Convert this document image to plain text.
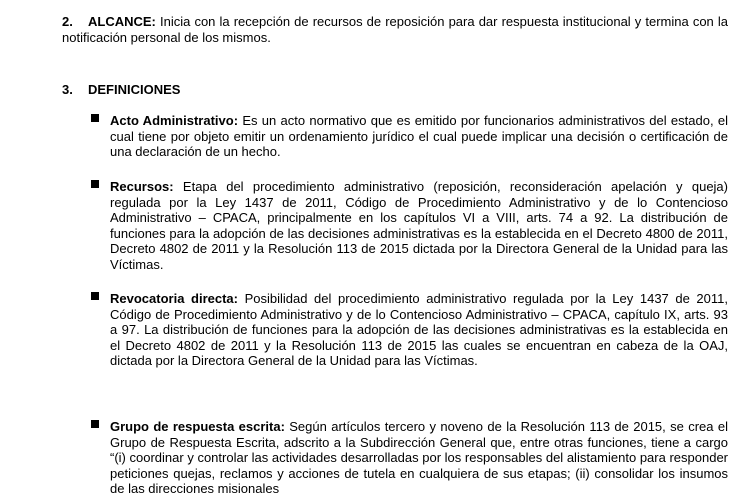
2. ALCANCE: Inicia con la recepción de recursos de reposición para dar respuesta institucional y termina con la notificación personal de los mismos.
3. DEFINICIONES
Acto Administrativo: Es un acto normativo que es emitido por funcionarios administrativos del estado, el cual tiene por objeto emitir un ordenamiento jurídico el cual puede implicar una decisión o certificación de una declaración de un hecho.
Recursos: Etapa del procedimiento administrativo (reposición, reconsideración apelación y queja) regulada por la Ley 1437 de 2011, Código de Procedimiento Administrativo y de lo Contencioso Administrativo – CPACA, principalmente en los capítulos VI a VIII, arts. 74 a 92. La distribución de funciones para la adopción de las decisiones administrativas es la establecida en el Decreto 4800 de 2011, Decreto 4802 de 2011 y la Resolución 113 de 2015 dictada por la Directora General de la Unidad para las Víctimas.
Revocatoria directa: Posibilidad del procedimiento administrativo regulada por la Ley 1437 de 2011, Código de Procedimiento Administrativo y de lo Contencioso Administrativo – CPACA, capítulo IX, arts. 93 a 97. La distribución de funciones para la adopción de las decisiones administrativas es la establecida en el Decreto 4802 de 2011 y la Resolución 113 de 2015 las cuales se encuentran en cabeza de la OAJ, dictada por la Directora General de la Unidad para las Víctimas.
Grupo de respuesta escrita: Según artículos tercero y noveno de la Resolución 113 de 2015, se crea el Grupo de Respuesta Escrita, adscrito a la Subdirección General que, entre otras funciones, tiene a cargo “(i) coordinar y controlar las actividades desarrolladas por los responsables del alistamiento para responder peticiones quejas, reclamos y acciones de tutela en cualquiera de sus etapas; (ii) consolidar los insumos de las direcciones misionales
